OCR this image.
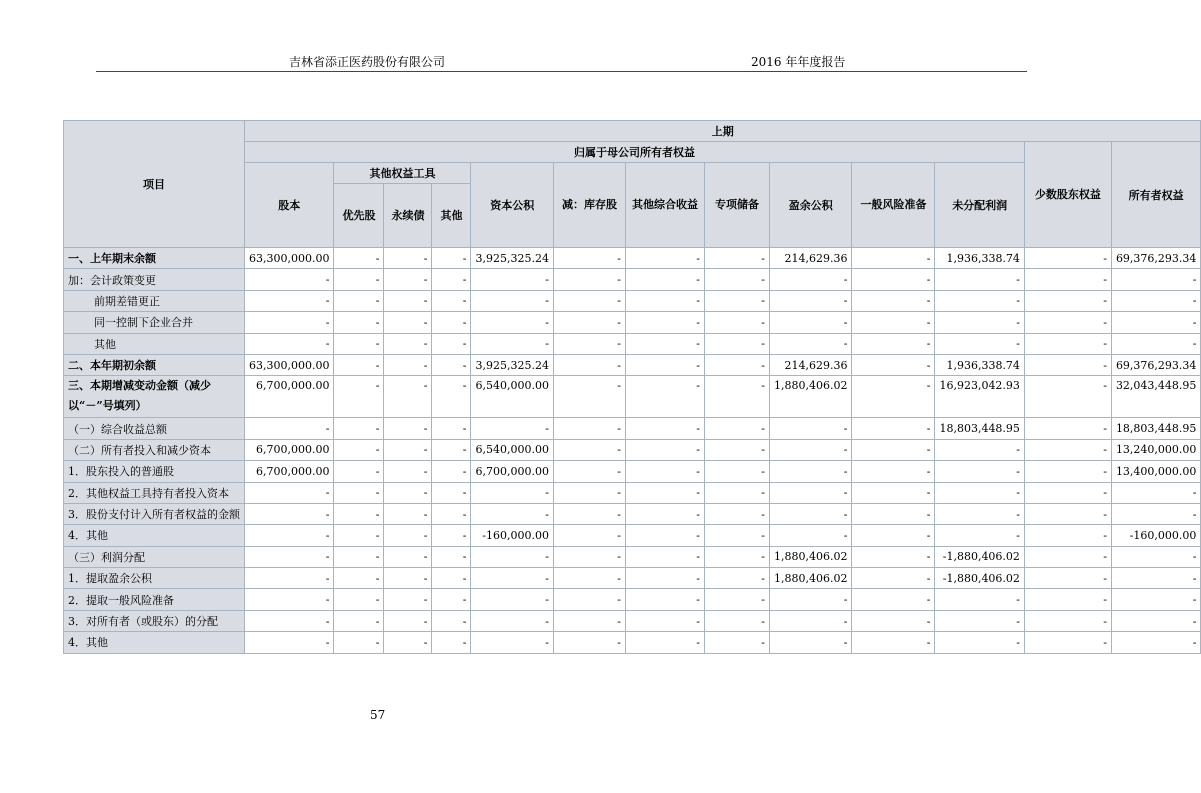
吉林省添正医药股份有限公司	2016 年年度报告
项目	上期												
	归属于母公司所有者权益											少数股东权益	所有者权益
	股本	其他权益工具			资本公积	减：库存股	其他综合收益	专项储备	盈余公积	一般风险准备	未分配利润		
		优先股	永续债	其他									
一、上年期末余额	63,300,000.00	-	-	-	3,925,325.24	-	-	-	214,629.36	-	1,936,338.74	-	69,376,293.34
加：会计政策变更	-	-	-	-	-	-	-	-	-	-	-	-	-
前期差错更正	-	-	-	-	-	-	-	-	-	-	-	-	-
同一控制下企业合并	-	-	-	-	-	-	-	-	-	-	-	-	-
其他	-	-	-	-	-	-	-	-	-	-	-	-	-
二、本年期初余额	63,300,000.00	-	-	-	3,925,325.24	-	-	-	214,629.36	-	1,936,338.74	-	69,376,293.34
三、本期增减变动金额（减少以“－”号填列）	6,700,000.00	-	-	-	6,540,000.00	-	-	-	1,880,406.02	-	16,923,042.93	-	32,043,448.95
（一）综合收益总额	-	-	-	-	-	-	-	-	-	-	18,803,448.95	-	18,803,448.95
（二）所有者投入和减少资本	6,700,000.00	-	-	-	6,540,000.00	-	-	-	-	-	-	-	13,240,000.00
1．股东投入的普通股	6,700,000.00	-	-	-	6,700,000.00	-	-	-	-	-	-	-	13,400,000.00
2．其他权益工具持有者投入资本	-	-	-	-	-	-	-	-	-	-	-	-	-
3．股份支付计入所有者权益的金额	-	-	-	-	-	-	-	-	-	-	-	-	-
4．其他	-	-	-	-	-160,000.00	-	-	-	-	-	-	-	-160,000.00
（三）利润分配	-	-	-	-	-	-	-	-	1,880,406.02	-	-1,880,406.02	-	-
1．提取盈余公积	-	-	-	-	-	-	-	-	1,880,406.02	-	-1,880,406.02	-	-
2．提取一般风险准备	-	-	-	-	-	-	-	-	-	-	-	-	-
3．对所有者（或股东）的分配	-	-	-	-	-	-	-	-	-	-	-	-	-
4．其他	-	-	-	-	-	-	-	-	-	-	-	-	-
57
